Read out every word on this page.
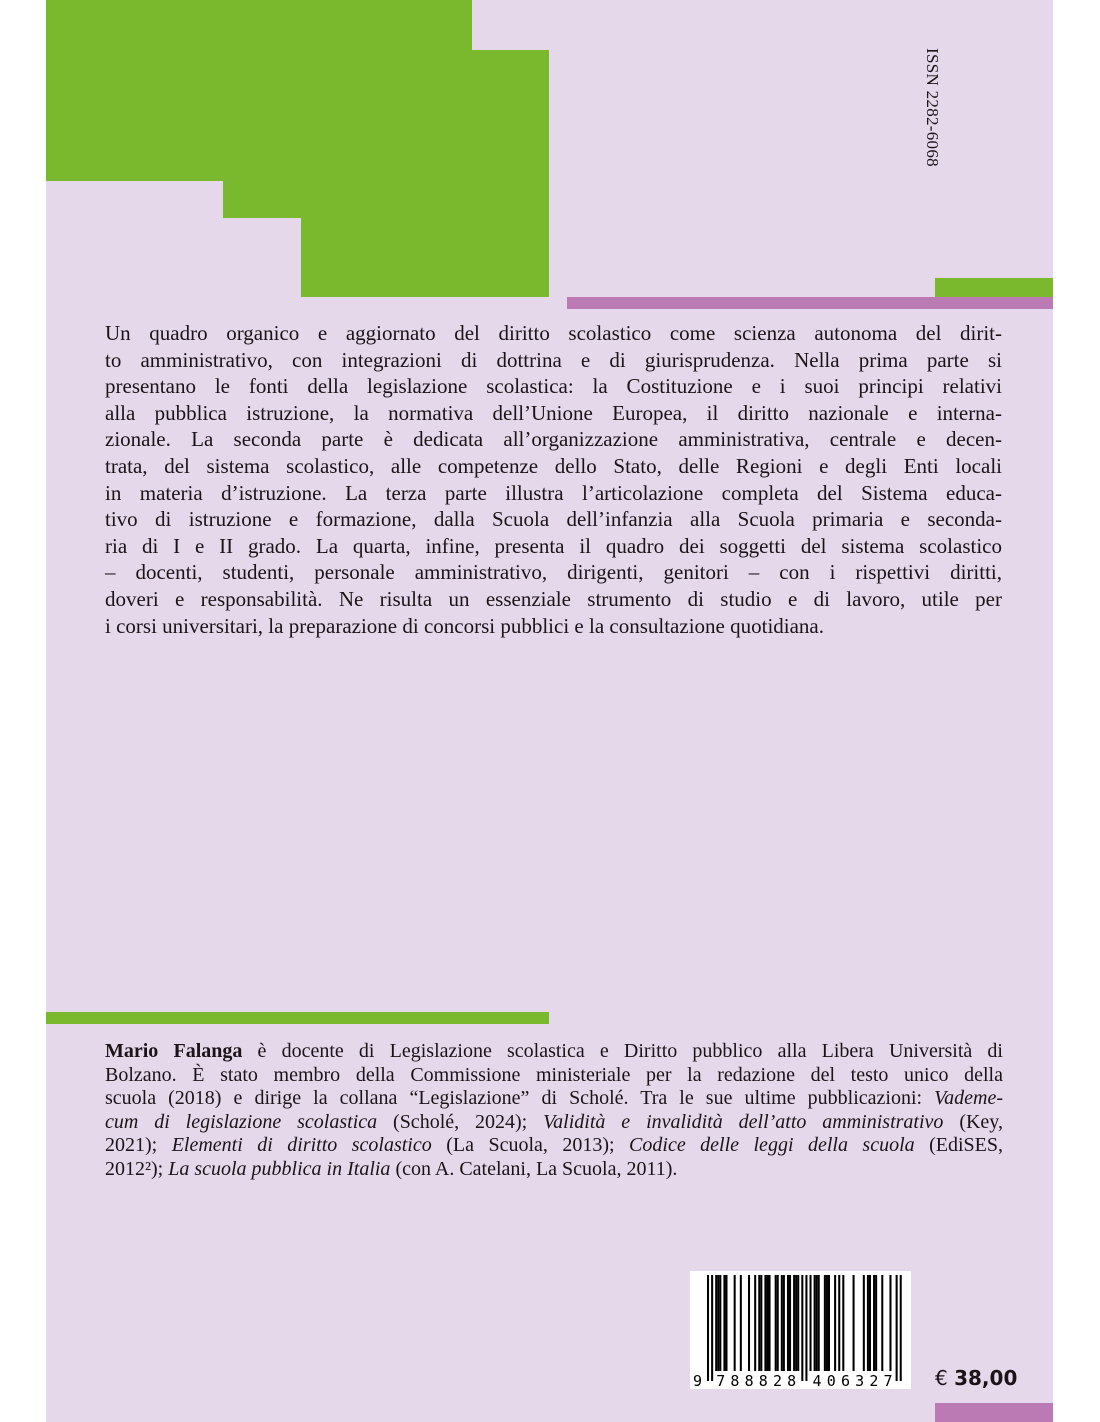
ISSN 2282-6068
Un quadro organico e aggiornato del diritto scolastico come scienza autonoma del dirit-
to amministrativo, con integrazioni di dottrina e di giurisprudenza. Nella prima parte si
presentano le fonti della legislazione scolastica: la Costituzione e i suoi principi relativi
alla pubblica istruzione, la normativa dell’Unione Europea, il diritto nazionale e interna-
zionale. La seconda parte è dedicata all’organizzazione amministrativa, centrale e decen-
trata, del sistema scolastico, alle competenze dello Stato, delle Regioni e degli Enti locali
in materia d’istruzione. La terza parte illustra l’articolazione completa del Sistema educa-
tivo di istruzione e formazione, dalla Scuola dell’infanzia alla Scuola primaria e seconda-
ria di I e II grado. La quarta, infine, presenta il quadro dei soggetti del sistema scolastico
– docenti, studenti, personale amministrativo, dirigenti, genitori – con i rispettivi diritti,
doveri e responsabilità. Ne risulta un essenziale strumento di studio e di lavoro, utile per
i corsi universitari, la preparazione di concorsi pubblici e la consultazione quotidiana.
Mario Falanga è docente di Legislazione scolastica e Diritto pubblico alla Libera Università di
Bolzano. È stato membro della Commissione ministeriale per la redazione del testo unico della
scuola (2018) e dirige la collana “Legislazione” di Scholé. Tra le sue ultime pubblicazioni: Vademe-
cum di legislazione scolastica (Scholé, 2024); Validità e invalidità dell’atto amministrativo (Key,
2021); Elementi di diritto scolastico (La Scuola, 2013); Codice delle leggi della scuola (EdiSES,
2012²); La scuola pubblica in Italia (con A. Catelani, La Scuola, 2011).
9 788828 406327 € 38,00
